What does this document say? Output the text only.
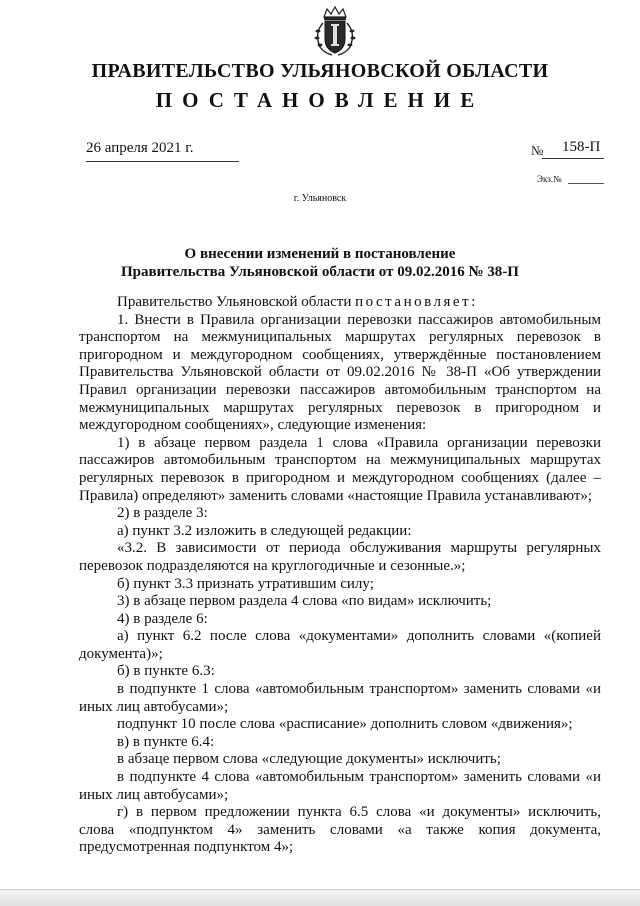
ПРАВИТЕЛЬСТВО УЛЬЯНОВСКОЙ ОБЛАСТИ
ПОСТАНОВЛЕНИЕ
26 апреля 2021 г.	№ 158-П
Экз.№
г. Ульяновск
О внесении изменений в постановление
Правительства Ульяновской области от 09.02.2016 № 38-П

Правительство Ульяновской области постановляет:

1. Внести в Правила организации перевозки пассажиров автомобильным транспортом на межмуниципальных маршрутах регулярных перевозок в пригородном и междугородном сообщениях, утверждённые постановлением Правительства Ульяновской области от 09.02.2016 № 38-П «Об утверждении Правил организации перевозки пассажиров автомобильным транспортом на межмуниципальных маршрутах регулярных перевозок в пригородном и междугородном сообщениях», следующие изменения:

1) в абзаце первом раздела 1 слова «Правила организации перевозки пассажиров автомобильным транспортом на межмуниципальных маршрутах регулярных перевозок в пригородном и междугородном сообщениях (далее – Правила) определяют» заменить словами «настоящие Правила устанавливают»;

2) в разделе 3:

а) пункт 3.2 изложить в следующей редакции:

«3.2. В зависимости от периода обслуживания маршруты регулярных перевозок подразделяются на круглогодичные и сезонные.»;

б) пункт 3.3 признать утратившим силу;

3) в абзаце первом раздела 4 слова «по видам» исключить;

4) в разделе 6:

а) пункт 6.2 после слова «документами» дополнить словами «(копией документа)»;

б) в пункте 6.3:

в подпункте 1 слова «автомобильным транспортом» заменить словами «и иных лиц автобусами»;

подпункт 10 после слова «расписание» дополнить словом «движения»;

в) в пункте 6.4:

в абзаце первом слова «следующие документы» исключить;

в подпункте 4 слова «автомобильным транспортом» заменить словами «и иных лиц автобусами»;

г) в первом предложении пункта 6.5 слова «и документы» исключить, слова «подпунктом 4» заменить словами «а также копия документа, предусмотренная подпунктом 4»;
